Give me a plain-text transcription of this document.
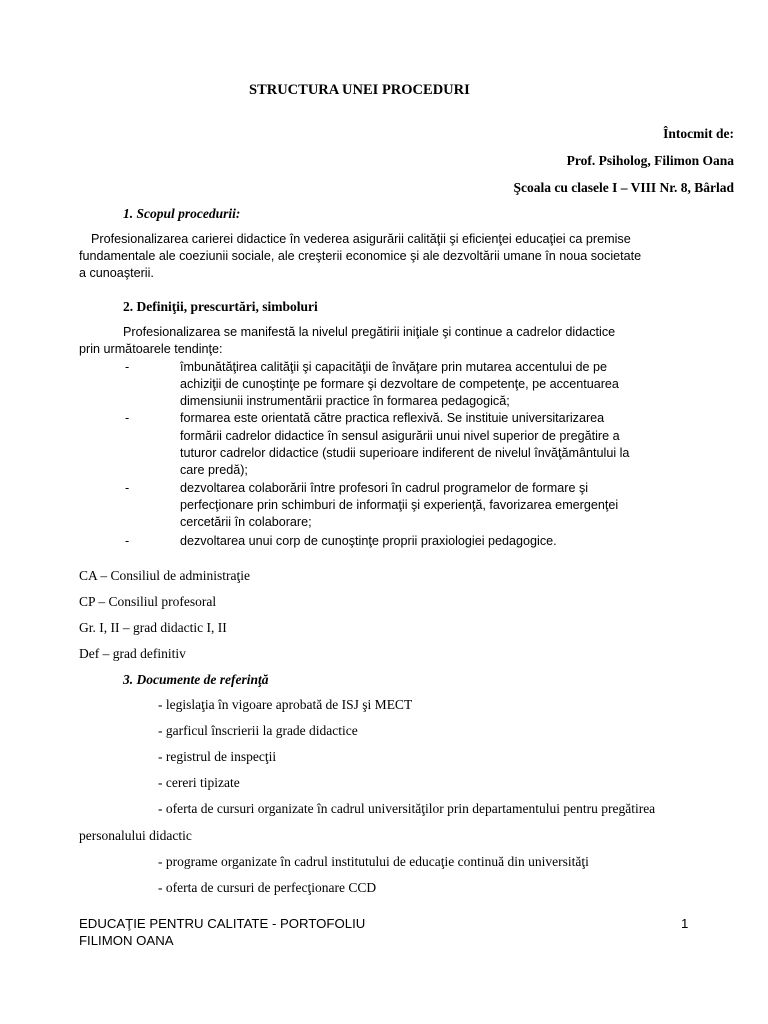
STRUCTURA UNEI PROCEDURI
Întocmit de:
Prof. Psiholog, Filimon Oana
Şcoala cu clasele I – VIII Nr. 8, Bârlad
1. Scopul procedurii:
Profesionalizarea carierei didactice în vederea asigurării calităţii şi eficienţei educaţiei ca premise
fundamentale ale coeziunii sociale, ale creşterii economice şi ale dezvoltării umane în noua societate
a cunoaşterii.
2. Definiţii, prescurtări, simboluri
Profesionalizarea se manifestă la nivelul pregătirii iniţiale şi continue a cadrelor didactice
prin următoarele tendinţe:
-	îmbunătăţirea calităţii şi capacităţii de învăţare prin mutarea accentului de pe
achiziţii de cunoştinţe pe formare şi dezvoltare de competenţe, pe accentuarea
dimensiunii instrumentării practice în formarea pedagogică;
-	formarea este orientată către practica reflexivă. Se instituie universitarizarea
formării cadrelor didactice în sensul asigurării unui nivel superior de pregătire a
tuturor cadrelor didactice (studii superioare indiferent de nivelul învăţământului la
care predă);
-	dezvoltarea colaborării între profesori în cadrul programelor de formare şi
perfecţionare prin schimburi de informaţii şi experienţă, favorizarea emergenţei
cercetării în colaborare;
-	dezvoltarea unui corp de cunoştinţe proprii praxiologiei pedagogice.
CA – Consiliul de administraţie
CP – Consiliul profesoral
Gr. I, II – grad didactic I, II
Def – grad definitiv
3. Documente de referinţă
- legislaţia în vigoare aprobată de ISJ şi MECT
- garficul înscrierii la grade didactice
- registrul de inspecţii
- cereri tipizate
- oferta de cursuri organizate în cadrul universităţilor prin departamentului pentru pregătirea
personalului didactic
- programe organizate în cadrul institutului de educaţie continuă din universităţi
- oferta de cursuri de perfecţionare CCD
EDUCAŢIE PENTRU CALITATE - PORTOFOLIU
FILIMON OANA
1
